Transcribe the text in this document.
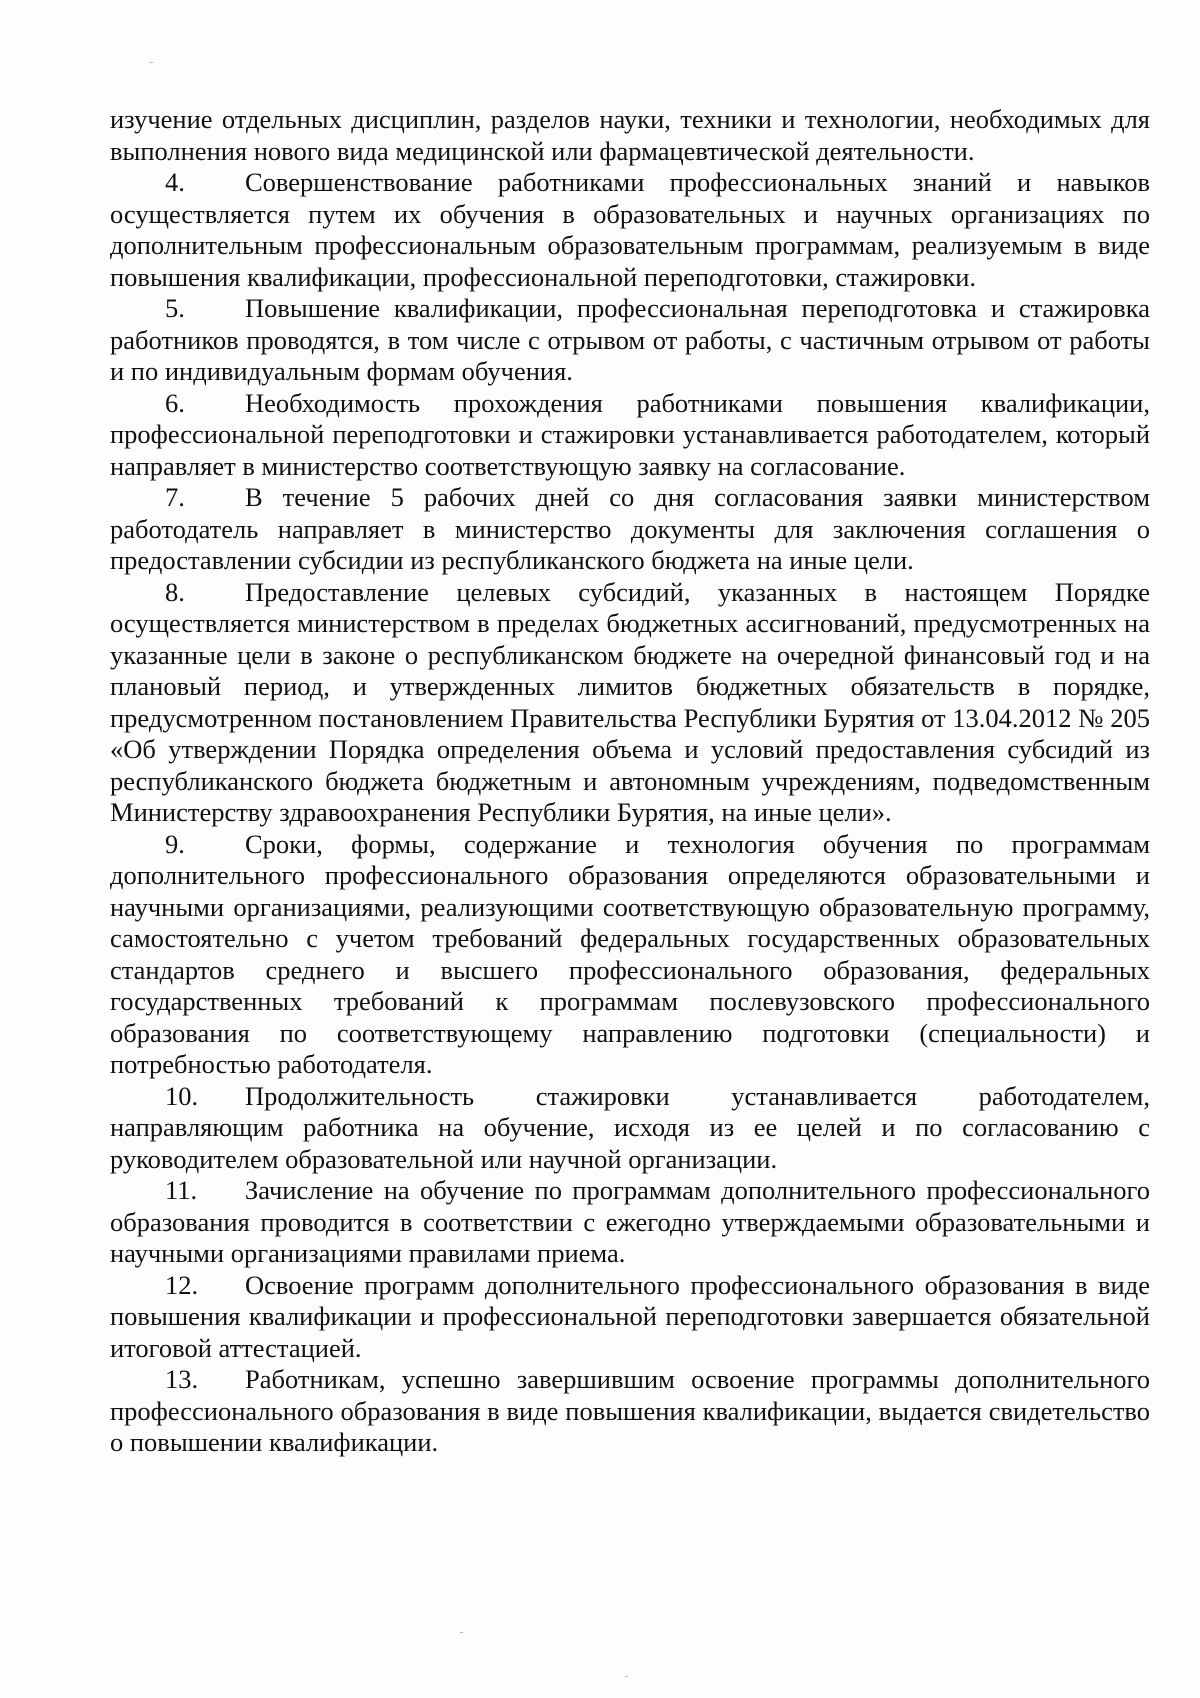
изучение отдельных дисциплин, разделов науки, техники и технологии, необходимых для выполнения нового вида медицинской или фармацевтической деятельности.

4. Совершенствование работниками профессиональных знаний и навыков осуществляется путем их обучения в образовательных и научных организациях по дополнительным профессиональным образовательным программам, реализуемым в виде повышения квалификации, профессиональной переподготовки, стажировки.

5. Повышение квалификации, профессиональная переподготовка и стажировка работников проводятся, в том числе с отрывом от работы, с частичным отрывом от работы и по индивидуальным формам обучения.

6. Необходимость прохождения работниками повышения квалификации, профессиональной переподготовки и стажировки устанавливается работодателем, который направляет в министерство соответствующую заявку на согласование.

7. В течение 5 рабочих дней со дня согласования заявки министерством работодатель направляет в министерство документы для заключения соглашения о предоставлении субсидии из республиканского бюджета на иные цели.

8. Предоставление целевых субсидий, указанных в настоящем Порядке осуществляется министерством в пределах бюджетных ассигнований, предусмотренных на указанные цели в законе о республиканском бюджете на очередной финансовый год и на плановый период, и утвержденных лимитов бюджетных обязательств в порядке, предусмотренном постановлением Правительства Республики Бурятия от 13.04.2012 № 205 «Об утверждении Порядка определения объема и условий предоставления субсидий из республиканского бюджета бюджетным и автономным учреждениям, подведомственным Министерству здравоохранения Республики Бурятия, на иные цели».

9. Сроки, формы, содержание и технология обучения по программам дополнительного профессионального образования определяются образовательными и научными организациями, реализующими соответствующую образовательную программу, самостоятельно с учетом требований федеральных государственных образовательных стандартов среднего и высшего профессионального образования, федеральных государственных требований к программам послевузовского профессионального образования по соответствующему направлению подготовки (специальности) и потребностью работодателя.

10. Продолжительность стажировки устанавливается работодателем, направляющим работника на обучение, исходя из ее целей и по согласованию с руководителем образовательной или научной организации.

11. Зачисление на обучение по программам дополнительного профессионального образования проводится в соответствии с ежегодно утверждаемыми образовательными и научными организациями правилами приема.

12. Освоение программ дополнительного профессионального образования в виде повышения квалификации и профессиональной переподготовки завершается обязательной итоговой аттестацией.

13. Работникам, успешно завершившим освоение программы дополнительного профессионального образования в виде повышения квалификации, выдается свидетельство о повышении квалификации.
